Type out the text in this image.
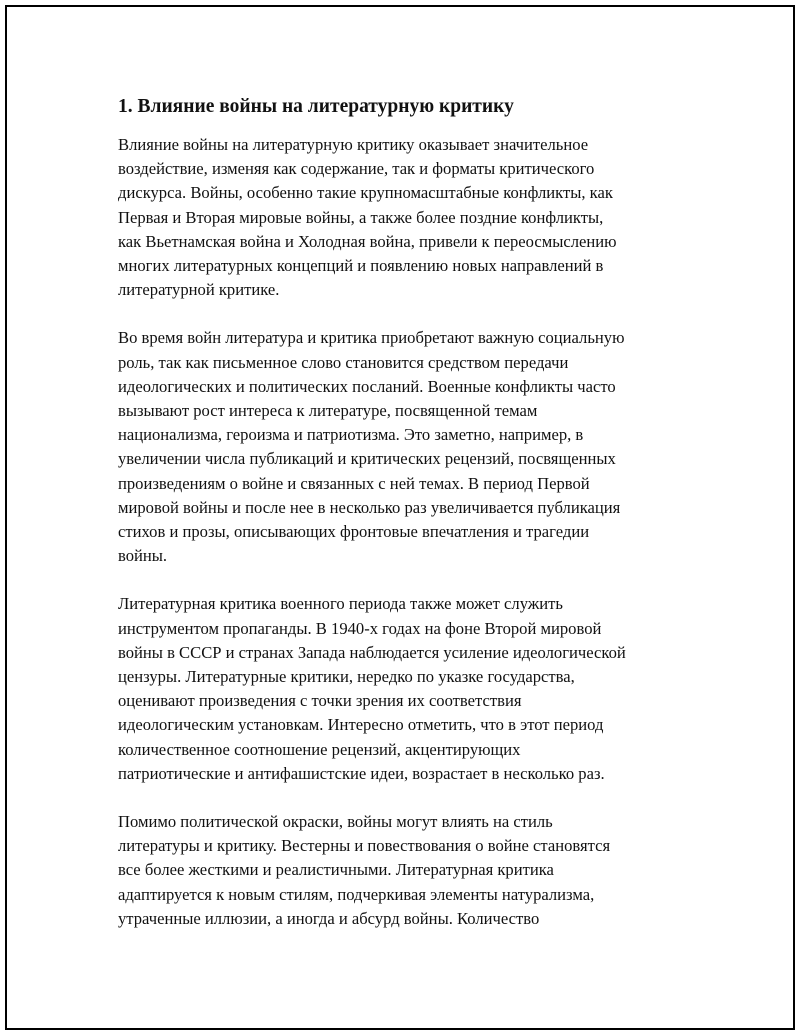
1. Влияние войны на литературную критику
Влияние войны на литературную критику оказывает значительное
воздействие, изменяя как содержание, так и форматы критического
дискурса. Войны, особенно такие крупномасштабные конфликты, как
Первая и Вторая мировые войны, а также более поздние конфликты,
как Вьетнамская война и Холодная война, привели к переосмыслению
многих литературных концепций и появлению новых направлений в
литературной критике.
Во время войн литература и критика приобретают важную социальную
роль, так как письменное слово становится средством передачи
идеологических и политических посланий. Военные конфликты часто
вызывают рост интереса к литературе, посвященной темам
национализма, героизма и патриотизма. Это заметно, например, в
увеличении числа публикаций и критических рецензий, посвященных
произведениям о войне и связанных с ней темах. В период Первой
мировой войны и после нее в несколько раз увеличивается публикация
стихов и прозы, описывающих фронтовые впечатления и трагедии
войны.
Литературная критика военного периода также может служить
инструментом пропаганды. В 1940-х годах на фоне Второй мировой
войны в СССР и странах Запада наблюдается усиление идеологической
цензуры. Литературные критики, нередко по указке государства,
оценивают произведения с точки зрения их соответствия
идеологическим установкам. Интересно отметить, что в этот период
количественное соотношение рецензий, акцентирующих
патриотические и антифашистские идеи, возрастает в несколько раз.
Помимо политической окраски, войны могут влиять на стиль
литературы и критику. Вестерны и повествования о войне становятся
все более жесткими и реалистичными. Литературная критика
адаптируется к новым стилям, подчеркивая элементы натурализма,
утраченные иллюзии, а иногда и абсурд войны. Количество
